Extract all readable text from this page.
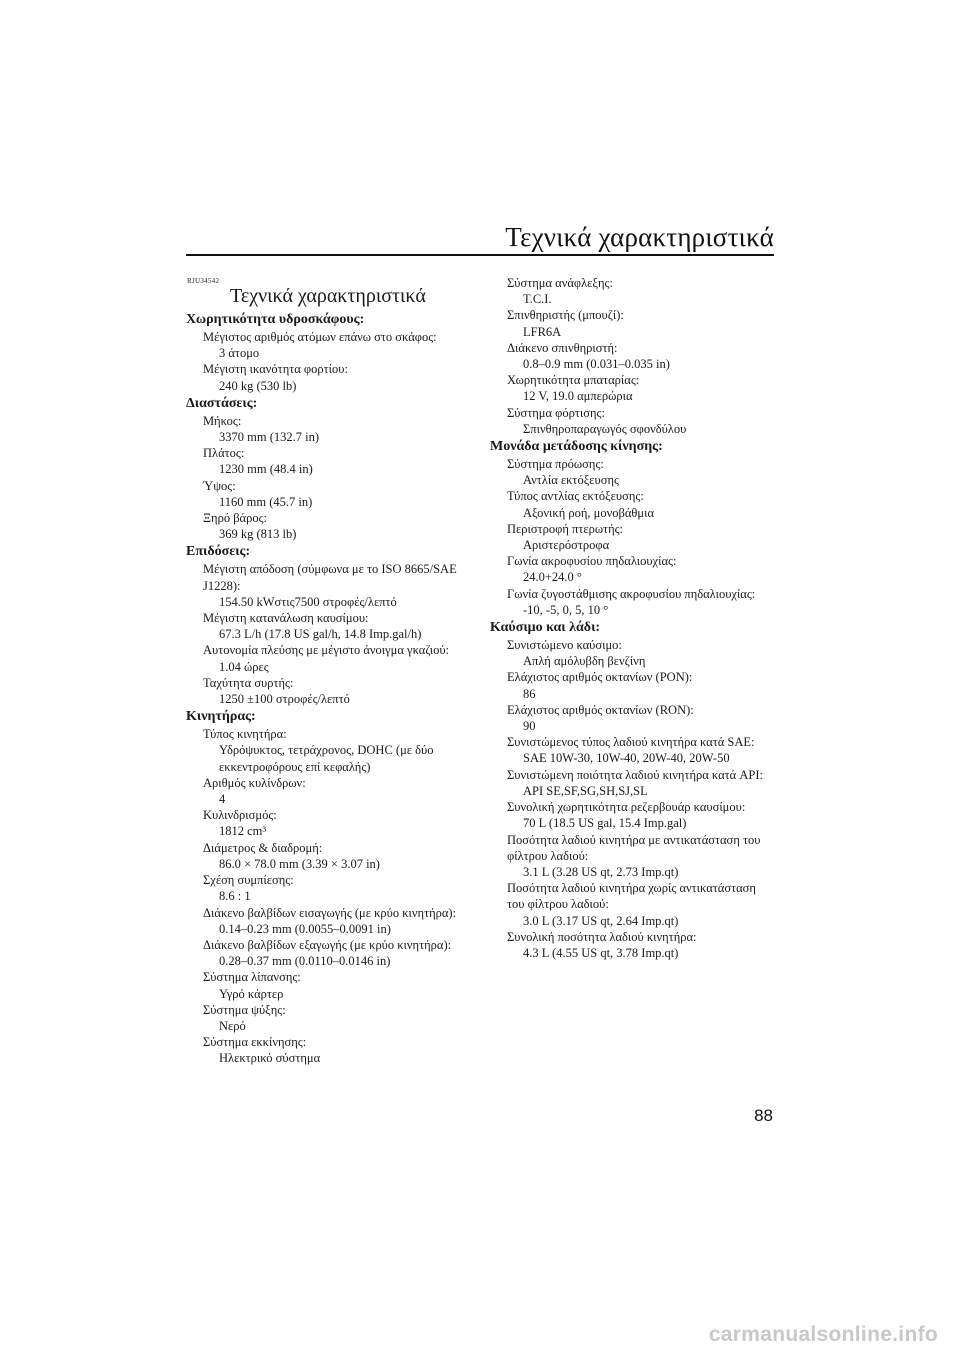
Τεχνικά χαρακτηριστικά
RJU34542
Τεχνικά χαρακτηριστικά
Χωρητικότητα υδροσκάφους:
Μέγιστος αριθμός ατόμων επάνω στο σκάφος:
3 άτομο
Μέγιστη ικανότητα φορτίου:
240 kg (530 lb)
Διαστάσεις:
Μήκος:
3370 mm (132.7 in)
Πλάτος:
1230 mm (48.4 in)
Ύψος:
1160 mm (45.7 in)
Ξηρό βάρος:
369 kg (813 lb)
Επιδόσεις:
Μέγιστη απόδοση (σύμφωνα με το ISO 8665/SAE
J1228):
154.50 kWστις7500 στροφές/λεπτό
Μέγιστη κατανάλωση καυσίμου:
67.3 L/h (17.8 US gal/h, 14.8 Imp.gal/h)
Αυτονομία πλεύσης με μέγιστο άνοιγμα γκαζιού:
1.04 ώρες
Ταχύτητα συρτής:
1250 ±100 στροφές/λεπτό
Κινητήρας:
Τύπος κινητήρα:
Υδρόψυκτος, τετράχρονος, DOHC (με δύο
εκκεντροφόρους επί κεφαλής)
Αριθμός κυλίνδρων:
4
Κυλινδρισμός:
1812 cm³
Διάμετρος & διαδρομή:
86.0 × 78.0 mm (3.39 × 3.07 in)
Σχέση συμπίεσης:
8.6 : 1
Διάκενο βαλβίδων εισαγωγής (με κρύο κινητήρα):
0.14–0.23 mm (0.0055–0.0091 in)
Διάκενο βαλβίδων εξαγωγής (με κρύο κινητήρα):
0.28–0.37 mm (0.0110–0.0146 in)
Σύστημα λίπανσης:
Υγρό κάρτερ
Σύστημα ψύξης:
Νερό
Σύστημα εκκίνησης:
Ηλεκτρικό σύστημα
Σύστημα ανάφλεξης:
T.C.I.
Σπινθηριστής (μπουζί):
LFR6A
Διάκενο σπινθηριστή:
0.8–0.9 mm (0.031–0.035 in)
Χωρητικότητα μπαταρίας:
12 V, 19.0 αμπερώρια
Σύστημα φόρτισης:
Σπινθηροπαραγωγός σφονδύλου
Μονάδα μετάδοσης κίνησης:
Σύστημα πρόωσης:
Αντλία εκτόξευσης
Τύπος αντλίας εκτόξευσης:
Αξονική ροή, μονοβάθμια
Περιστροφή πτερωτής:
Αριστερόστροφα
Γωνία ακροφυσίου πηδαλιουχίας:
24.0+24.0 °
Γωνία ζυγοστάθμισης ακροφυσίου πηδαλιουχίας:
-10, -5, 0, 5, 10 °
Καύσιμο και λάδι:
Συνιστώμενο καύσιμο:
Απλή αμόλυβδη βενζίνη
Ελάχιστος αριθμός οκτανίων (PON):
86
Ελάχιστος αριθμός οκτανίων (RON):
90
Συνιστώμενος τύπος λαδιού κινητήρα κατά SAE:
SAE 10W-30, 10W-40, 20W-40, 20W-50
Συνιστώμενη ποιότητα λαδιού κινητήρα κατά API:
API SE,SF,SG,SH,SJ,SL
Συνολική χωρητικότητα ρεζερβουάρ καυσίμου:
70 L (18.5 US gal, 15.4 Imp.gal)
Ποσότητα λαδιού κινητήρα με αντικατάσταση του
φίλτρου λαδιού:
3.1 L (3.28 US qt, 2.73 Imp.qt)
Ποσότητα λαδιού κινητήρα χωρίς αντικατάσταση
του φίλτρου λαδιού:
3.0 L (3.17 US qt, 2.64 Imp.qt)
Συνολική ποσότητα λαδιού κινητήρα:
4.3 L (4.55 US qt, 3.78 Imp.qt)
88
carmanualsonline.info
